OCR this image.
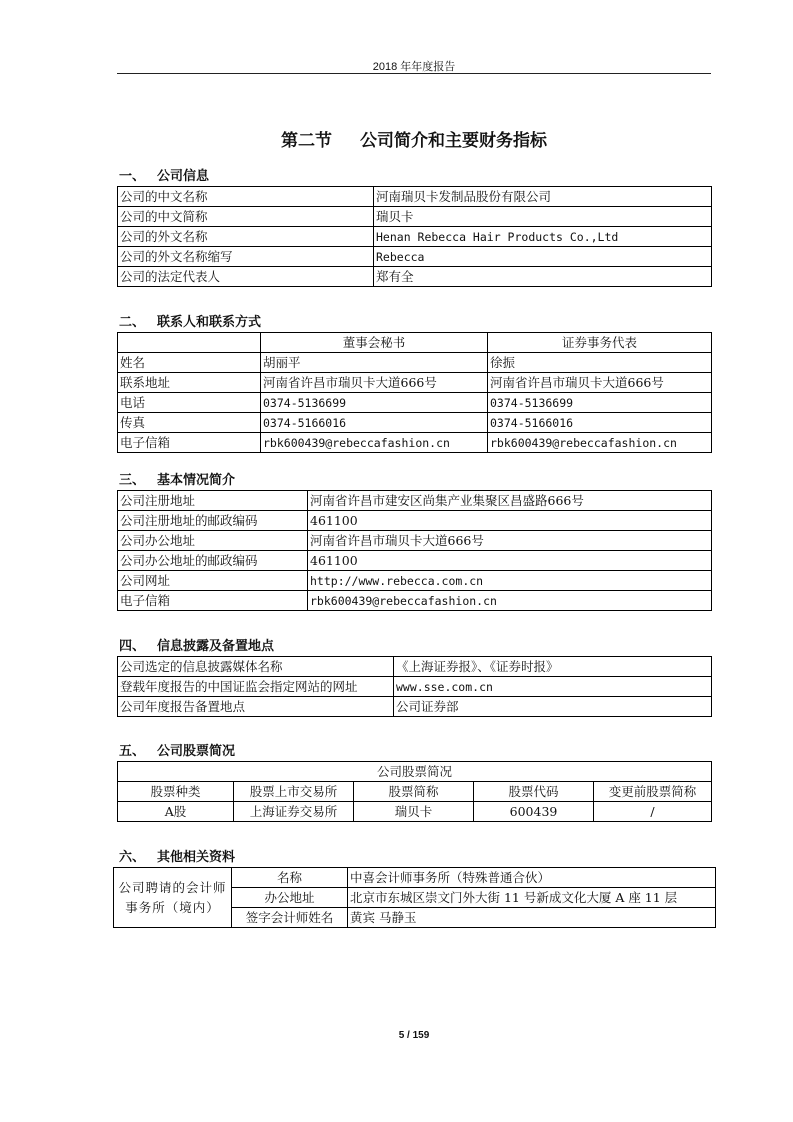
2018 年年度报告
第二节 公司简介和主要财务指标
一、 公司信息
公司的中文名称	河南瑞贝卡发制品股份有限公司
公司的中文简称	瑞贝卡
公司的外文名称	Henan Rebecca Hair Products Co.,Ltd
公司的外文名称缩写	Rebecca
公司的法定代表人	郑有全
二、 联系人和联系方式
	董事会秘书	证券事务代表
姓名	胡丽平	徐振
联系地址	河南省许昌市瑞贝卡大道666号	河南省许昌市瑞贝卡大道666号
电话	0374-5136699	0374-5136699
传真	0374-5166016	0374-5166016
电子信箱	rbk600439@rebeccafashion.cn	rbk600439@rebeccafashion.cn
三、 基本情况简介
公司注册地址	河南省许昌市建安区尚集产业集聚区昌盛路666号
公司注册地址的邮政编码	461100
公司办公地址	河南省许昌市瑞贝卡大道666号
公司办公地址的邮政编码	461100
公司网址	http://www.rebecca.com.cn
电子信箱	rbk600439@rebeccafashion.cn
四、 信息披露及备置地点
公司选定的信息披露媒体名称	《上海证券报》、《证券时报》
登载年度报告的中国证监会指定网站的网址	www.sse.com.cn
公司年度报告备置地点	公司证券部
五、 公司股票简况
公司股票简况				
股票种类	股票上市交易所	股票简称	股票代码	变更前股票简称
A股	上海证券交易所	瑞贝卡	600439	/
六、 其他相关资料
公司聘请的会计师事务所（境内）	名称	中喜会计师事务所（特殊普通合伙）
	办公地址	北京市东城区崇文门外大街 11 号新成文化大厦 A 座 11 层
	签字会计师姓名	黄宾 马静玉
5 / 159
